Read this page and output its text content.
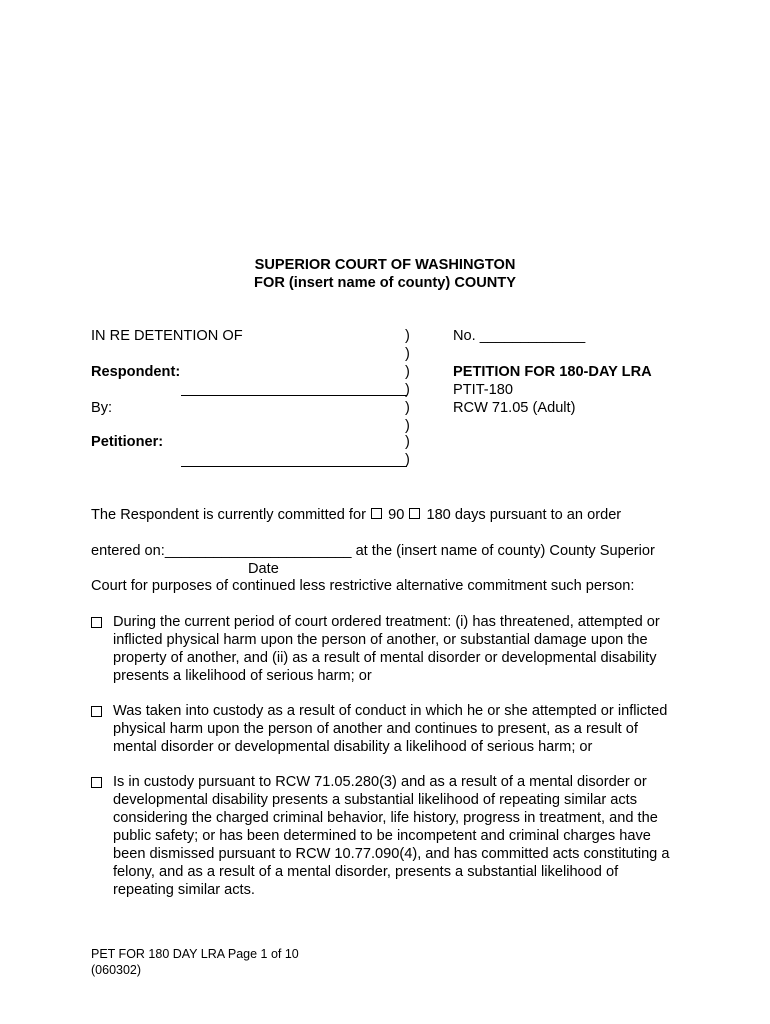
SUPERIOR COURT OF WASHINGTON
FOR (insert name of county) COUNTY
IN RE DETENTION OF
Respondent:
By:
Petitioner:
)
)
)
)
)
)
)
)
No. _____________
PETITION FOR 180-DAY LRA
PTIT-180
RCW 71.05 (Adult)
The Respondent is currently committed for 90 180 days pursuant to an order
entered on:_______________________ at the (insert name of county) County Superior
Date
Court for purposes of continued less restrictive alternative commitment such person:
During the current period of court ordered treatment: (i) has threatened, attempted or inflicted physical harm upon the person of another, or substantial damage upon the property of another, and (ii) as a result of mental disorder or developmental disability presents a likelihood of serious harm; or
Was taken into custody as a result of conduct in which he or she attempted or inflicted physical harm upon the person of another and continues to present, as a result of mental disorder or developmental disability a likelihood of serious harm; or
Is in custody pursuant to RCW 71.05.280(3) and as a result of a mental disorder or developmental disability presents a substantial likelihood of repeating similar acts considering the charged criminal behavior, life history, progress in treatment, and the public safety; or has been determined to be incompetent and criminal charges have been dismissed pursuant to RCW 10.77.090(4), and has committed acts constituting a felony, and as a result of a mental disorder, presents a substantial likelihood of repeating similar acts.
PET FOR 180 DAY LRA Page 1 of 10
(060302)
